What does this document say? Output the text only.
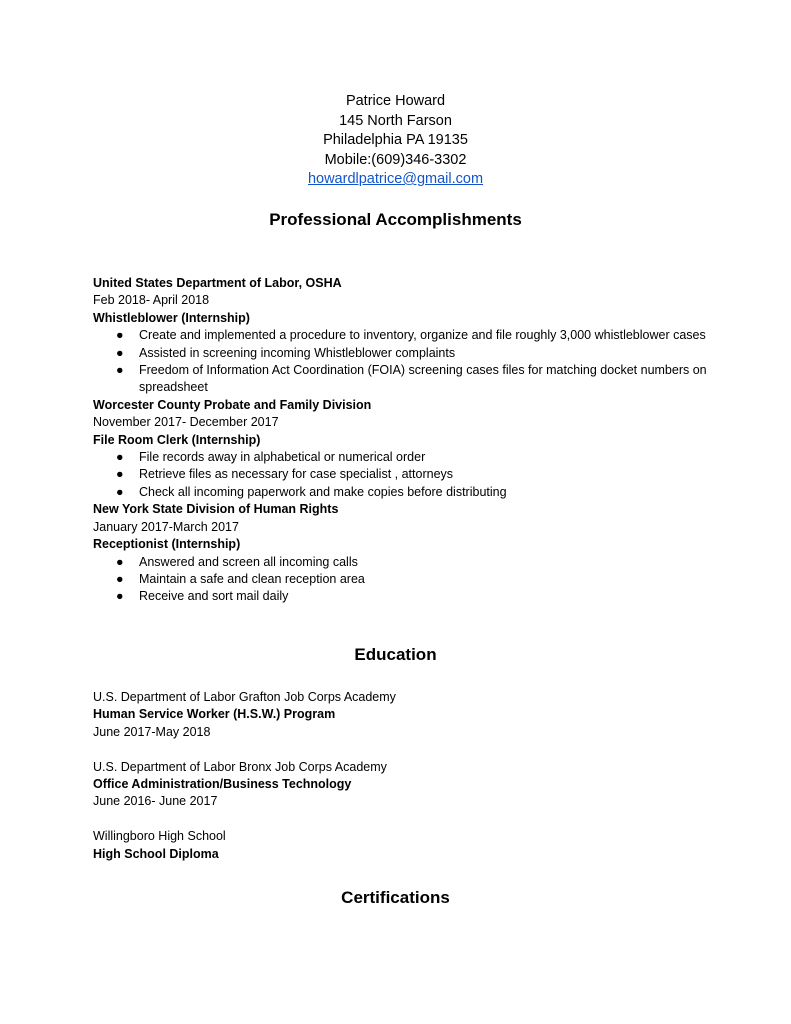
Patrice Howard
145 North Farson
Philadelphia PA 19135
Mobile:(609)346-3302
howardlpatrice@gmail.com
Professional Accomplishments
United States Department of Labor, OSHA
Feb 2018- April 2018
Whistleblower (Internship)
● Create and implemented a procedure to inventory, organize and file roughly 3,000 whistleblower cases
● Assisted in screening incoming Whistleblower complaints
● Freedom of Information Act Coordination (FOIA) screening cases files for matching docket numbers on spreadsheet
Worcester County Probate and Family Division
November 2017- December 2017
File Room Clerk (Internship)
● File records away in alphabetical or numerical order
● Retrieve files as necessary for case specialist , attorneys
● Check all incoming paperwork and make copies before distributing
New York State Division of Human Rights
January 2017-March 2017
Receptionist (Internship)
● Answered and screen all incoming calls
● Maintain a safe and clean reception area
● Receive and sort mail daily
Education
U.S. Department of Labor Grafton Job Corps Academy
Human Service Worker (H.S.W.) Program
June 2017-May 2018
U.S. Department of Labor Bronx Job Corps Academy
Office Administration/Business Technology
June 2016- June 2017
Willingboro High School
High School Diploma
Certifications
